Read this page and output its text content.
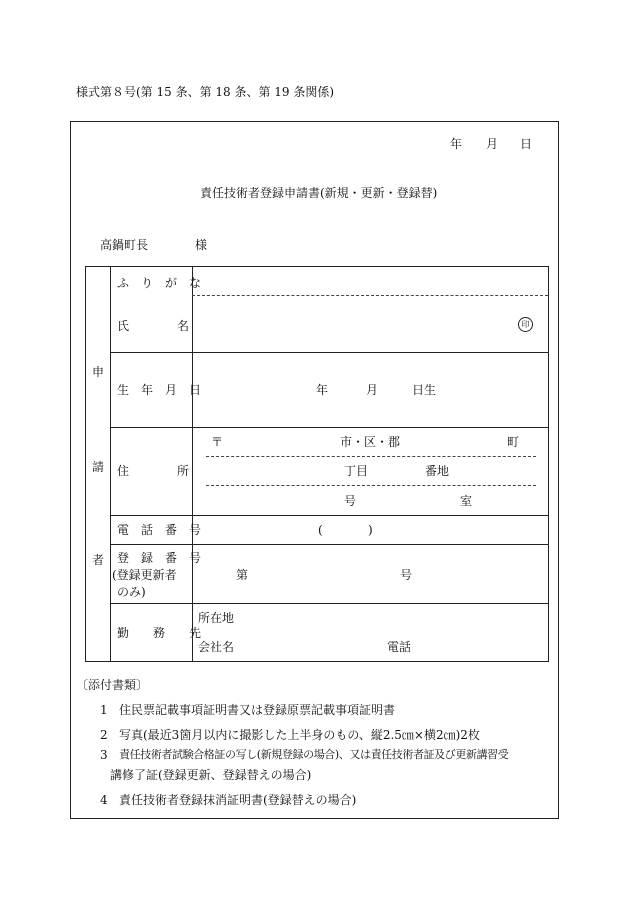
様式第８号(第 15 条、第 18 条、第 19 条関係)
年 月 日
責任技術者登録申請書(新規・更新・登録替)
高鍋町長	様
申
請
者
ふ　り　が　な
氏　　　　名	印
生　年　月　日	年	月	日生
住　　　　所
〒	市・区・郡	町
丁目	番地
号	室
電　話　番　号	(	)
登　録　番　号
(登録更新者
のみ)
第	号
勤　　務　　先
所在地
会社名	電話
〔添付書類〕
1 住民票記載事項証明書又は登録原票記載事項証明書
2 写真(最近3箇月以内に撮影した上半身のもの、縦2.5㎝×横2㎝)2枚
3 責任技術者試験合格証の写し(新規登録の場合)、又は責任技術者証及び更新講習受
講修了証(登録更新、登録替えの場合)
4 責任技術者登録抹消証明書(登録替えの場合)
